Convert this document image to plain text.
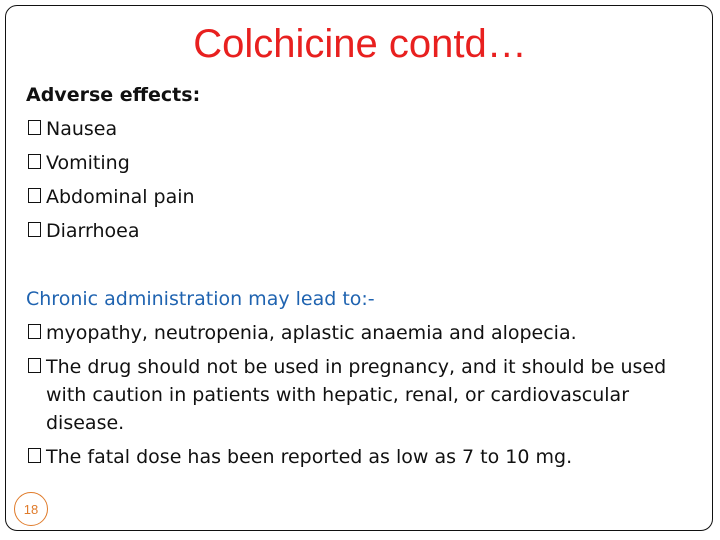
Colchicine contd…
Adverse effects:
Nausea
Vomiting
Abdominal pain
Diarrhoea
Chronic administration may lead to:-
myopathy, neutropenia, aplastic anaemia and alopecia.
The drug should not be used in pregnancy, and it should be used with caution in patients with hepatic, renal, or cardiovascular disease.
The fatal dose has been reported as low as 7 to 10 mg.
18
